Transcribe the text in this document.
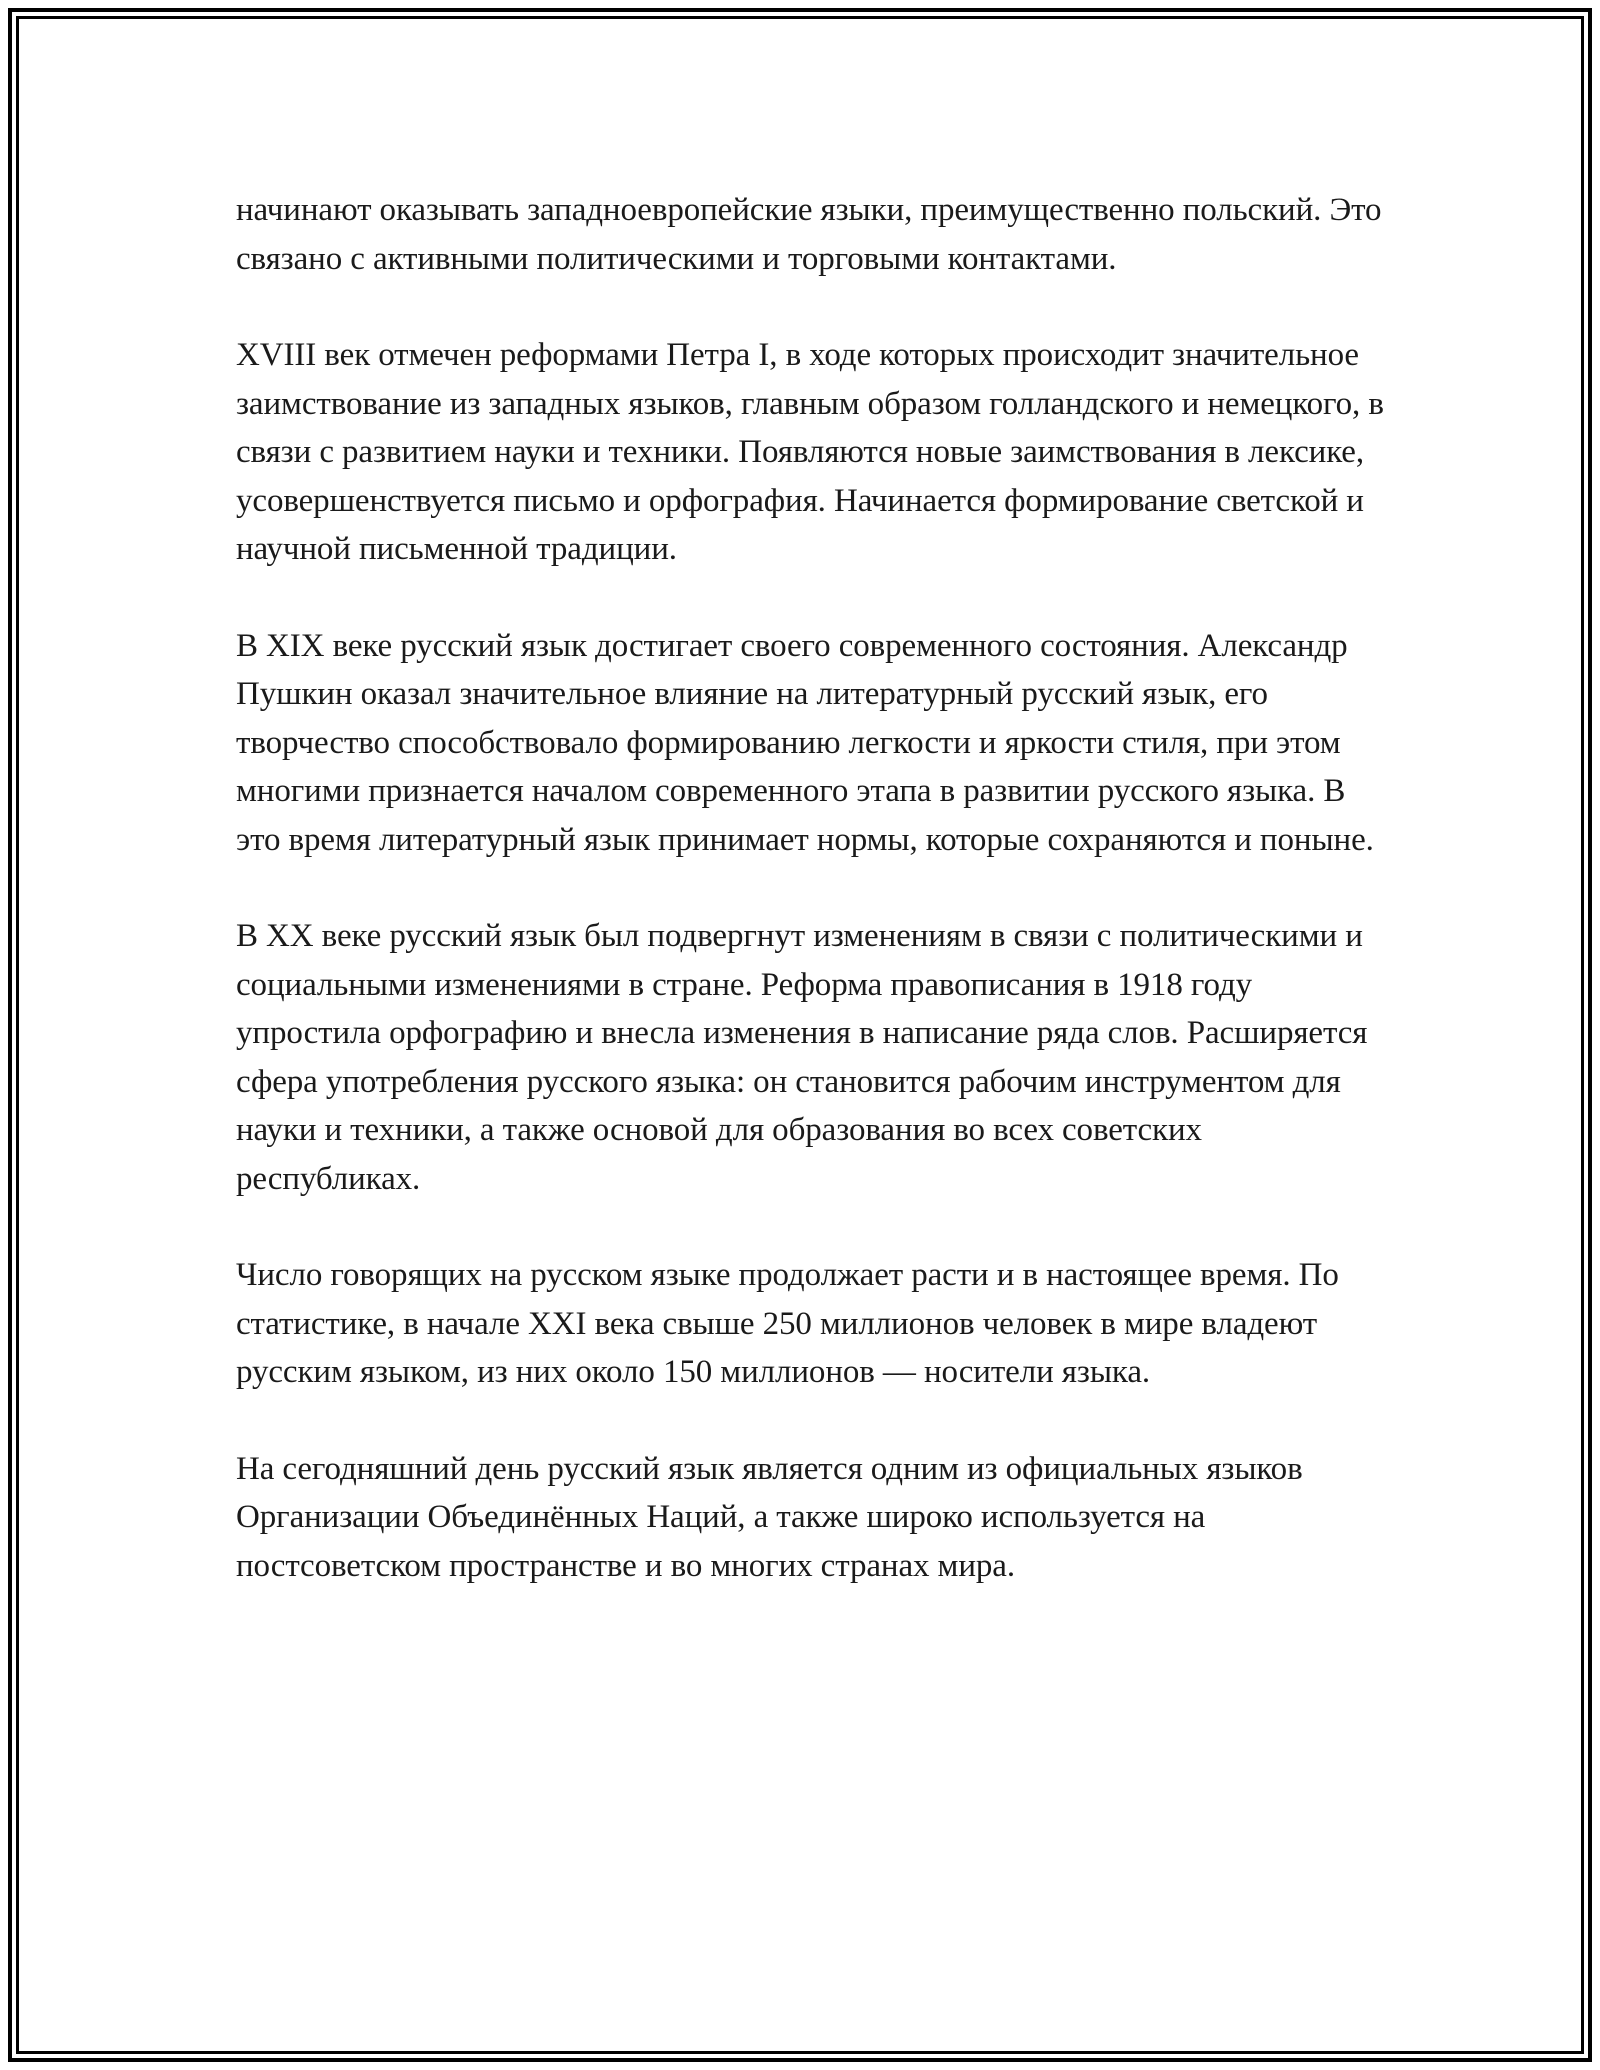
начинают оказывать западноевропейские языки, преимущественно польский. Это связано с активными политическими и торговыми контактами.

XVIII век отмечен реформами Петра I, в ходе которых происходит значительное заимствование из западных языков, главным образом голландского и немецкого, в связи с развитием науки и техники. Появляются новые заимствования в лексике, усовершенствуется письмо и орфография. Начинается формирование светской и научной письменной традиции.

В XIX веке русский язык достигает своего современного состояния. Александр Пушкин оказал значительное влияние на литературный русский язык, его творчество способствовало формированию легкости и яркости стиля, при этом многими признается началом современного этапа в развитии русского языка. В это время литературный язык принимает нормы, которые сохраняются и поныне.

В XX веке русский язык был подвергнут изменениям в связи с политическими и социальными изменениями в стране. Реформа правописания в 1918 году упростила орфографию и внесла изменения в написание ряда слов. Расширяется сфера употребления русского языка: он становится рабочим инструментом для науки и техники, а также основой для образования во всех советских республиках.

Число говорящих на русском языке продолжает расти и в настоящее время. По статистике, в начале XXI века свыше 250 миллионов человек в мире владеют русским языком, из них около 150 миллионов — носители языка.

На сегодняшний день русский язык является одним из официальных языков Организации Объединённых Наций, а также широко используется на постсоветском пространстве и во многих странах мира.
